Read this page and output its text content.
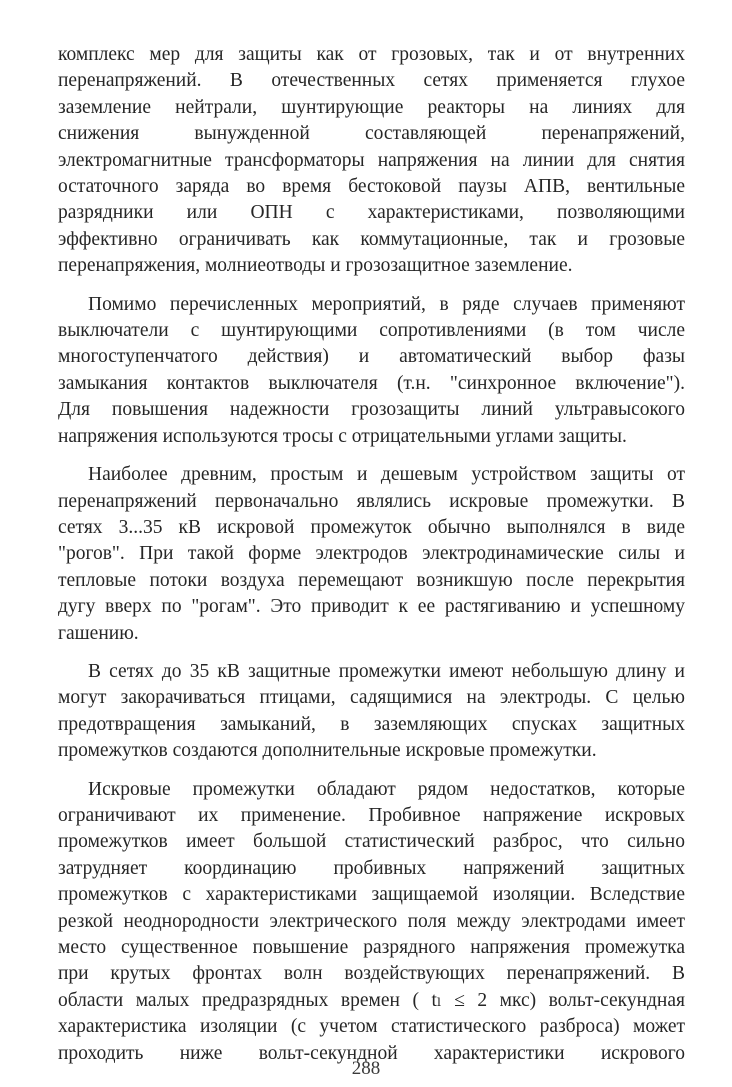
комплекс мер для защиты как от грозовых, так и от внутренних
перенапряжений. В отечественных сетях применяется глухое
заземление нейтрали, шунтирующие реакторы на линиях для
снижения вынужденной составляющей перенапряжений,
электромагнитные трансформаторы напряжения на линии для снятия
остаточного заряда во время бестоковой паузы АПВ, вентильные
разрядники или ОПН с характеристиками, позволяющими
эффективно ограничивать как коммутационные, так и грозовые
перенапряжения, молниеотводы и грозозащитное заземление.

Помимо перечисленных мероприятий, в ряде случаев применяют
выключатели с шунтирующими сопротивлениями (в том числе
многоступенчатого действия) и автоматический выбор фазы
замыкания контактов выключателя (т.н. "синхронное включение").
Для повышения надежности грозозащиты линий ультравысокого
напряжения используются тросы с отрицательными углами защиты.

Наиболее древним, простым и дешевым устройством защиты от
перенапряжений первоначально являлись искровые промежутки. В
сетях 3...35 кВ искровой промежуток обычно выполнялся в виде
"рогов". При такой форме электродов электродинамические силы и
тепловые потоки воздуха перемещают возникшую после перекрытия
дугу вверх по "рогам". Это приводит к ее растягиванию и успешному
гашению.

В сетях до 35 кВ защитные промежутки имеют небольшую длину и
могут закорачиваться птицами, садящимися на электроды. С целью
предотвращения замыканий, в заземляющих спусках защитных
промежутков создаются дополнительные искровые промежутки.

Искровые промежутки обладают рядом недостатков, которые
ограничивают их применение. Пробивное напряжение искровых
промежутков имеет большой статистический разброс, что сильно
затрудняет координацию пробивных напряжений защитных
промежутков с характеристиками защищаемой изоляции. Вследствие
резкой неоднородности электрического поля между электродами имеет
место существенное повышение разрядного напряжения промежутка
при крутых фронтах волн воздействующих перенапряжений. В
области малых предразрядных времен ( tₗ ≤ 2 мкс) вольт-секундная
характеристика изоляции (с учетом статистического разброса) может
проходить ниже вольт-секундной характеристики искрового

288
